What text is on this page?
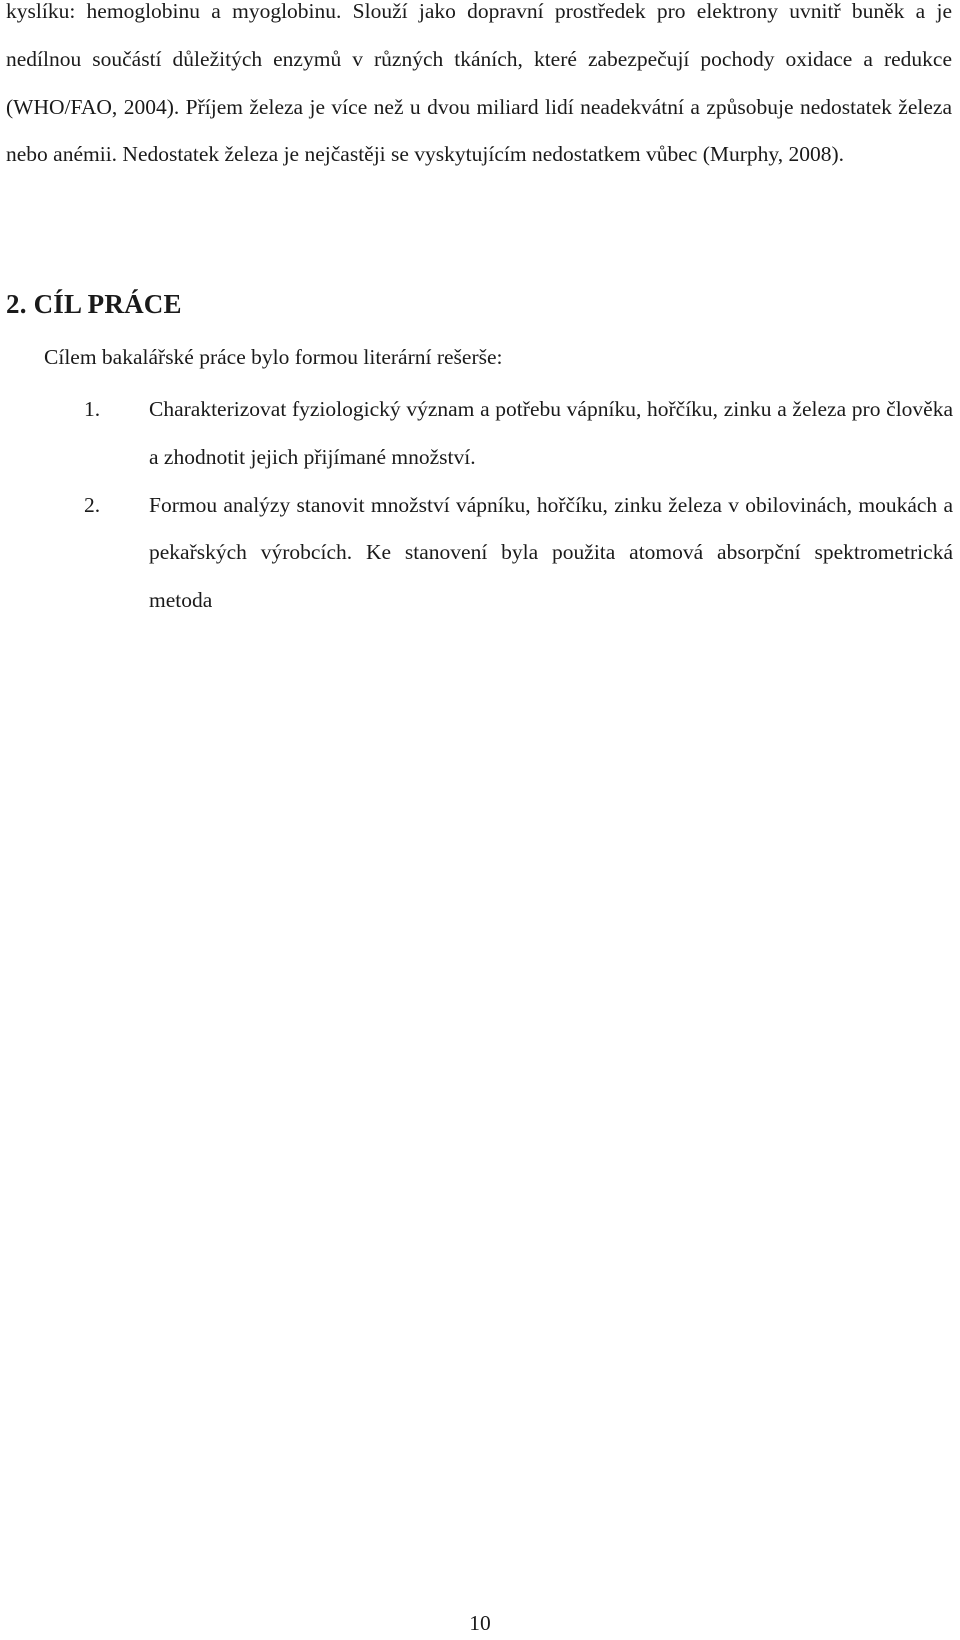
kyslíku: hemoglobinu a myoglobinu. Slouží jako dopravní prostředek pro elektrony uvnitř buněk a je nedílnou součástí důležitých enzymů v různých tkáních, které zabezpečují pochody oxidace a redukce (WHO/FAO, 2004). Příjem železa je více než u dvou miliard lidí neadekvátní a způsobuje nedostatek železa nebo anémii. Nedostatek železa je nejčastěji se vyskytujícím nedostatkem vůbec (Murphy, 2008).

2. CÍL PRÁCE

Cílem bakalářské práce bylo formou literární rešerše:

1. Charakterizovat fyziologický význam a potřebu vápníku, hořčíku, zinku a železa pro člověka a zhodnotit jejich přijímané množství.

2. Formou analýzy stanovit množství vápníku, hořčíku, zinku železa v obilovinách, moukách a pekařských výrobcích. Ke stanovení byla použita atomová absorpční spektrometrická metoda

10
